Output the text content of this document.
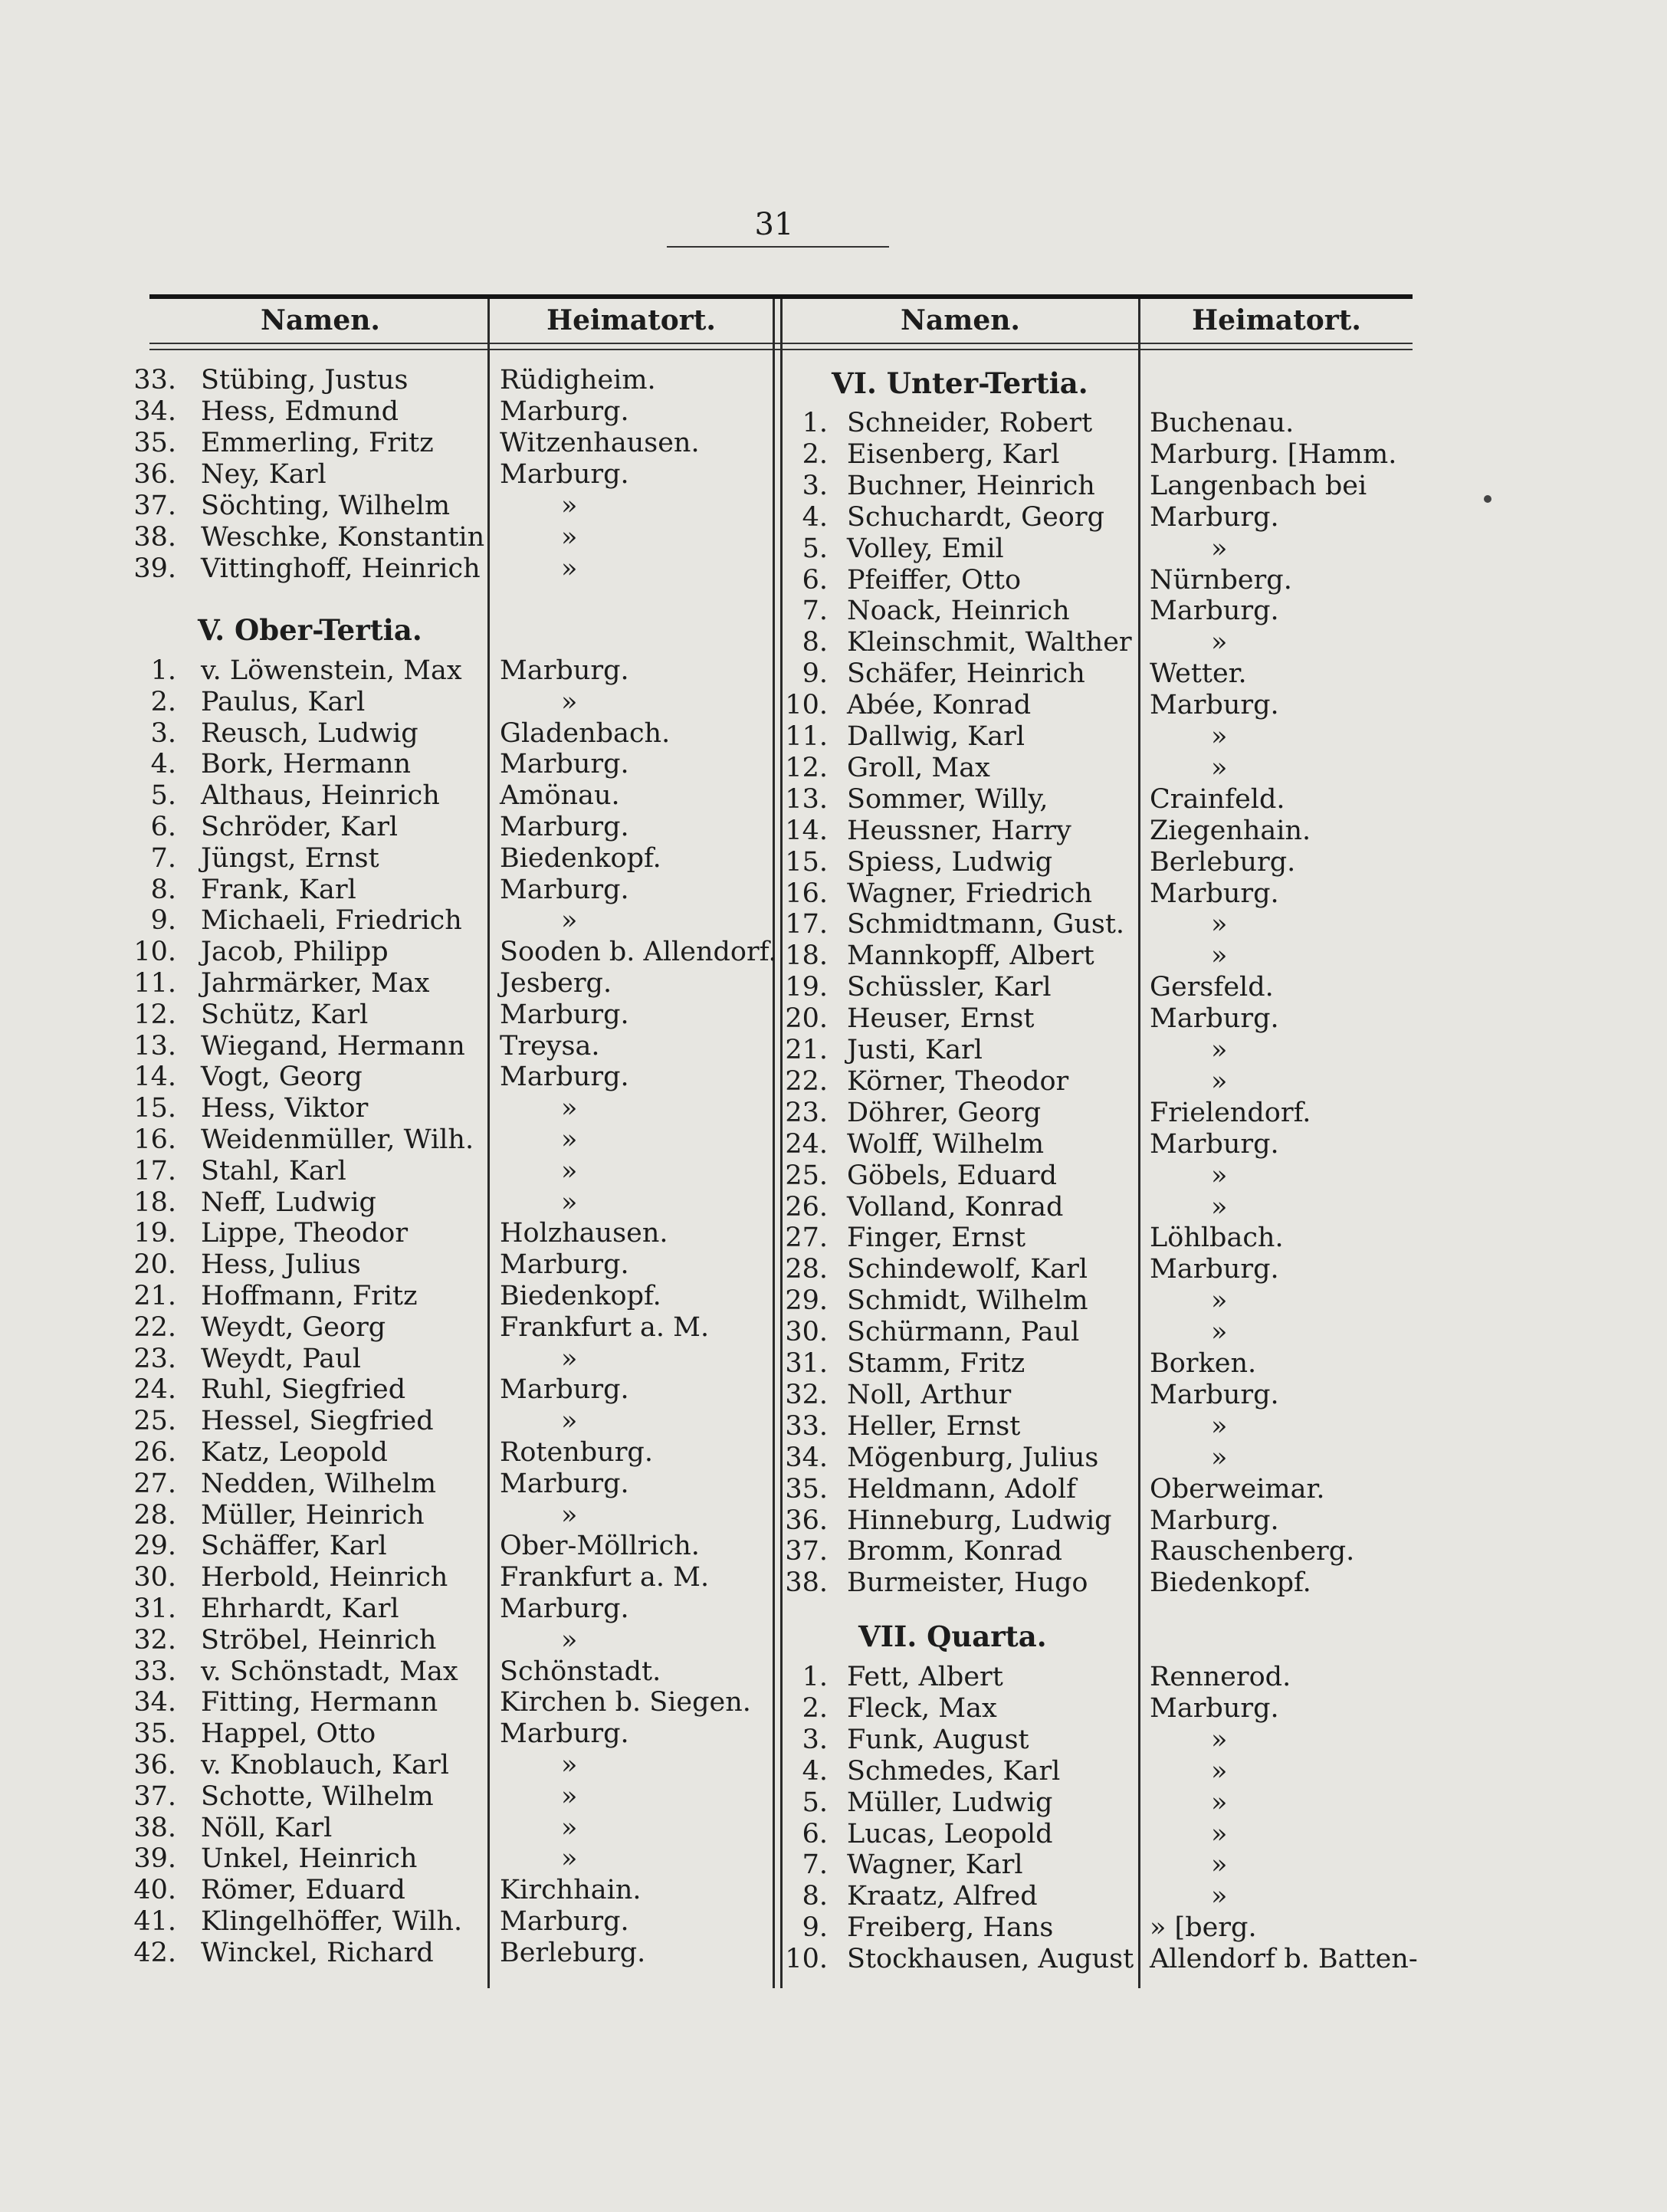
31
Namen.	Heimatort.	Namen.	Heimatort.
33. Stübing, Justus	Rüdigheim.
34. Hess, Edmund	Marburg.
35. Emmerling, Fritz Witzenhausen.
36. Ney, Karl	Marburg.
37. Söchting, Wilhelm	»
38. Weschke, Konstantin	»
39. Vittinghoff, Heinrich	»
V. Ober-Tertia.
1. v. Löwenstein, Max Marburg.
2. Paulus, Karl	»
3. Reusch, Ludwig	Gladenbach.
4. Bork, Hermann	Marburg.
5. Althaus, Heinrich Amönau.
6. Schröder, Karl	Marburg.
7. Jüngst, Ernst	Biedenkopf.
8. Frank, Karl	Marburg.
9. Michaeli, Friedrich	»
10. Jacob, Philipp	Sooden b. Allendorf.
11. Jahrmärker, Max	Jesberg.
12. Schütz, Karl	Marburg.
13. Wiegand, Hermann Treysa.
14. Vogt, Georg	Marburg.
15. Hess, Viktor	»
16. Weidenmüller, Wilh.	»
17. Stahl, Karl	»
18. Neff, Ludwig	»
19. Lippe, Theodor	Holzhausen.
20. Hess, Julius	Marburg.
21. Hoffmann, Fritz	Biedenkopf.
22. Weydt, Georg	Frankfurt a. M.
23. Weydt, Paul	»
24. Ruhl, Siegfried	Marburg.
25. Hessel, Siegfried	»
26. Katz, Leopold	Rotenburg.
27. Nedden, Wilhelm Marburg.
28. Müller, Heinrich	»
29. Schäffer, Karl	Ober-Möllrich.
30. Herbold, Heinrich Frankfurt a. M.
31. Ehrhardt, Karl	Marburg.
32. Ströbel, Heinrich	»
33. v. Schönstadt, Max Schönstadt.
34. Fitting, Hermann Kirchen b. Siegen.
35. Happel, Otto	Marburg.
36. v. Knoblauch, Karl	»
37. Schotte, Wilhelm	»
38. Nöll, Karl	»
39. Unkel, Heinrich	»
40. Römer, Eduard	Kirchhain.
41. Klingelhöffer, Wilh. Marburg.
42. Winckel, Richard Berleburg.
VI. Unter-Tertia.
1. Schneider, Robert Buchenau.
2. Eisenberg, Karl	Marburg. [Hamm.
3. Buchner, Heinrich Langenbach bei
4. Schuchardt, Georg Marburg.
5. Volley, Emil	»
6. Pfeiffer, Otto	Nürnberg.
7. Noack, Heinrich	Marburg.
8. Kleinschmit, Walther	»
9. Schäfer, Heinrich Wetter.
10. Abée, Konrad	Marburg.
11. Dallwig, Karl	»
12. Groll, Max	»
13. Sommer, Willy,	Crainfeld.
14. Heussner, Harry	Ziegenhain.
15. Spiess, Ludwig	Berleburg.
16. Wagner, Friedrich Marburg.
17. Schmidtmann, Gust.	»
18. Mannkopff, Albert	»
19. Schüssler, Karl	Gersfeld.
20. Heuser, Ernst	Marburg.
21. Justi, Karl	»
22. Körner, Theodor	»
23. Döhrer, Georg	Frielendorf.
24. Wolff, Wilhelm	Marburg.
25. Göbels, Eduard	»
26. Volland, Konrad	»
27. Finger, Ernst	Löhlbach.
28. Schindewolf, Karl Marburg.
29. Schmidt, Wilhelm	»
30. Schürmann, Paul	»
31. Stamm, Fritz	Borken.
32. Noll, Arthur	Marburg.
33. Heller, Ernst	»
34. Mögenburg, Julius	»
35. Heldmann, Adolf	Oberweimar.
36. Hinneburg, Ludwig Marburg.
37. Bromm, Konrad	Rauschenberg.
38. Burmeister, Hugo Biedenkopf.
VII. Quarta.
1. Fett, Albert	Rennerod.
2. Fleck, Max	Marburg.
3. Funk, August	»
4. Schmedes, Karl	»
5. Müller, Ludwig	»
6. Lucas, Leopold	»
7. Wagner, Karl	»
8. Kraatz, Alfred	»
9. Freiberg, Hans	» [berg.
10. Stockhausen, August Allendorf b. Batten-
